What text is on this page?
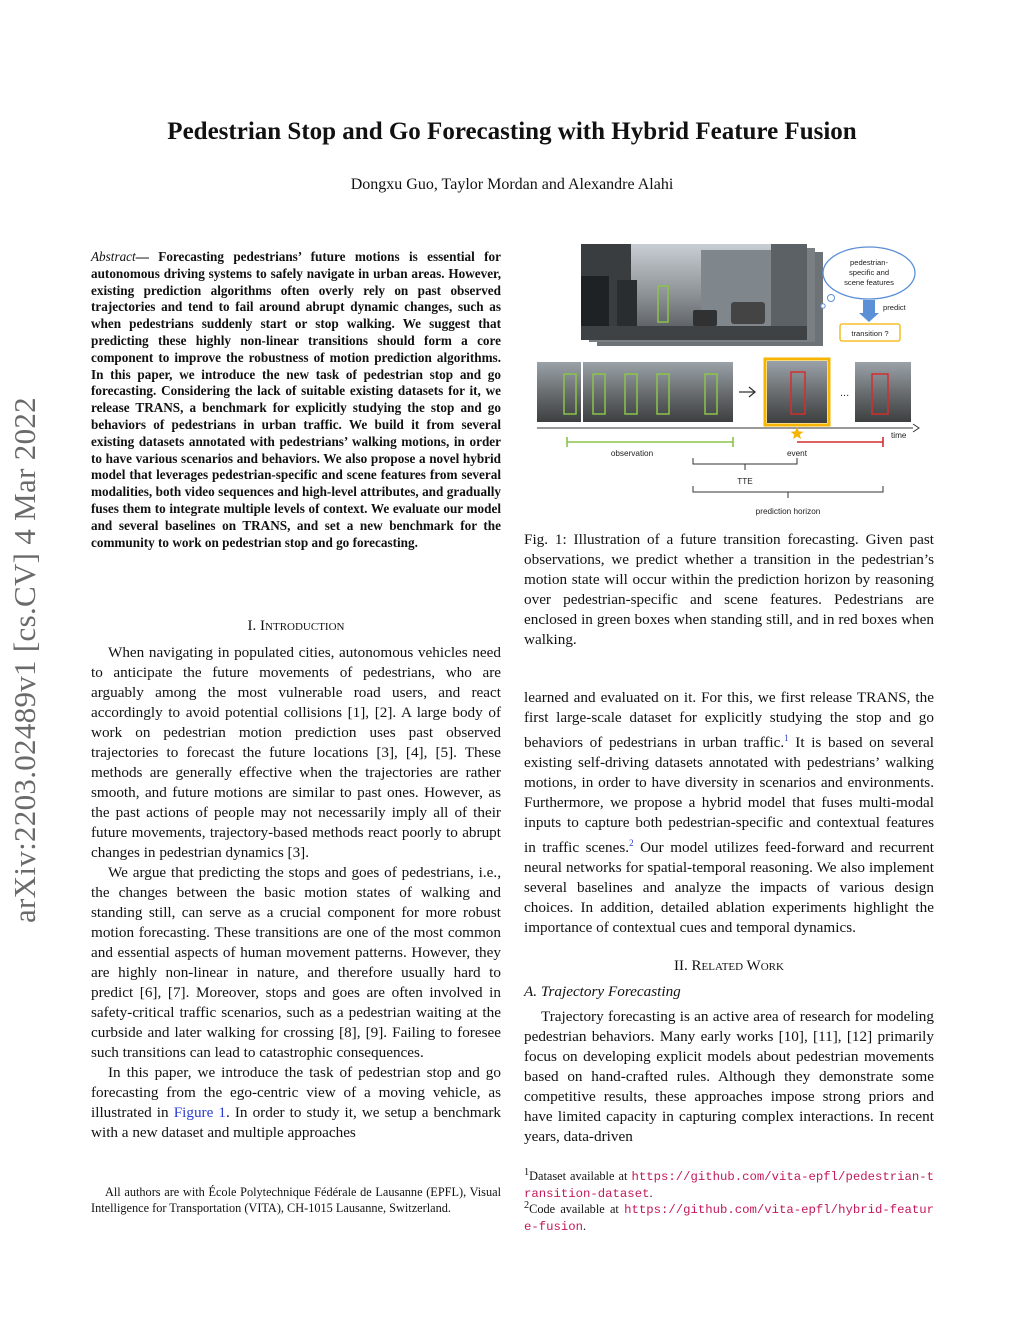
arXiv:2203.02489v1 [cs.CV] 4 Mar 2022
Pedestrian Stop and Go Forecasting with Hybrid Feature Fusion
Dongxu Guo, Taylor Mordan and Alexandre Alahi
Abstract— Forecasting pedestrians’ future motions is essential for autonomous driving systems to safely navigate in urban areas. However, existing prediction algorithms often overly rely on past observed trajectories and tend to fail around abrupt dynamic changes, such as when pedestrians suddenly start or stop walking. We suggest that predicting these highly non-linear transitions should form a core component to improve the robustness of motion prediction algorithms. In this paper, we introduce the new task of pedestrian stop and go forecasting. Considering the lack of suitable existing datasets for it, we release TRANS, a benchmark for explicitly studying the stop and go behaviors of pedestrians in urban traffic. We build it from several existing datasets annotated with pedestrians’ walking motions, in order to have various scenarios and behaviors. We also propose a novel hybrid model that leverages pedestrian-specific and scene features from several modalities, both video sequences and high-level attributes, and gradually fuses them to integrate multiple levels of context. We evaluate our model and several baselines on TRANS, and set a new benchmark for the community to work on pedestrian stop and go forecasting.
I. Introduction

When navigating in populated cities, autonomous vehicles need to anticipate the future movements of pedestrians, who are arguably among the most vulnerable road users, and react accordingly to avoid potential collisions [1], [2]. A large body of work on pedestrian motion prediction uses past observed trajectories to forecast the future locations [3], [4], [5]. These methods are generally effective when the trajectories are rather smooth, and future motions are similar to past ones. However, as the past actions of people may not necessarily imply all of their future movements, trajectory-based methods react poorly to abrupt changes in pedestrian dynamics [3].

We argue that predicting the stops and goes of pedestrians, i.e., the changes between the basic motion states of walking and standing still, can serve as a crucial component for more robust motion forecasting. These transitions are one of the most common and essential aspects of human movement patterns. However, they are highly non-linear in nature, and therefore usually hard to predict [6], [7]. Moreover, stops and goes are often involved in safety-critical traffic scenarios, such as a pedestrian waiting at the curbside and later walking for crossing [8], [9]. Failing to foresee such transitions can lead to catastrophic consequences.

In this paper, we introduce the task of pedestrian stop and go forecasting from the ego-centric view of a moving vehicle, as illustrated in Figure 1. In order to study it, we setup a benchmark with a new dataset and multiple approaches

All authors are with École Polytechnique Fédérale de Lausanne (EPFL), Visual Intelligence for Transportation (VITA), CH-1015 Lausanne, Switzerland.
pedestrian-
specific and
scene features
predict
transition ?
...
time
observation	event
TTE
prediction horizon
Fig. 1: Illustration of a future transition forecasting. Given past observations, we predict whether a transition in the pedestrian’s motion state will occur within the prediction horizon by reasoning over pedestrian-specific and scene features. Pedestrians are enclosed in green boxes when standing still, and in red boxes when walking.

learned and evaluated on it. For this, we first release TRANS, the first large-scale dataset for explicitly studying the stop and go behaviors of pedestrians in urban traffic.$^1$ It is based on several existing self-driving datasets annotated with pedestrians’ walking motions, in order to have diversity in scenarios and environments. Furthermore, we propose a hybrid model that fuses multi-modal inputs to capture both pedestrian-specific and contextual features in traffic scenes.$^2$ Our model utilizes feed-forward and recurrent neural networks for spatial-temporal reasoning. We also implement several baselines and analyze the impacts of various design choices. In addition, detailed ablation experiments highlight the importance of contextual cues and temporal dynamics.

II. Related Work

A. Trajectory Forecasting

Trajectory forecasting is an active area of research for modeling pedestrian behaviors. Many early works [10], [11], [12] primarily focus on developing explicit models about pedestrian movements based on hand-crafted rules. Although they demonstrate some competitive results, these approaches impose strong priors and have limited capacity in capturing complex interactions. In recent years, data-driven

$^1$Dataset available at https://github.com/vita-epfl/pedestrian-transition-dataset.
$^2$Code available at https://github.com/vita-epfl/hybrid-feature-fusion.
